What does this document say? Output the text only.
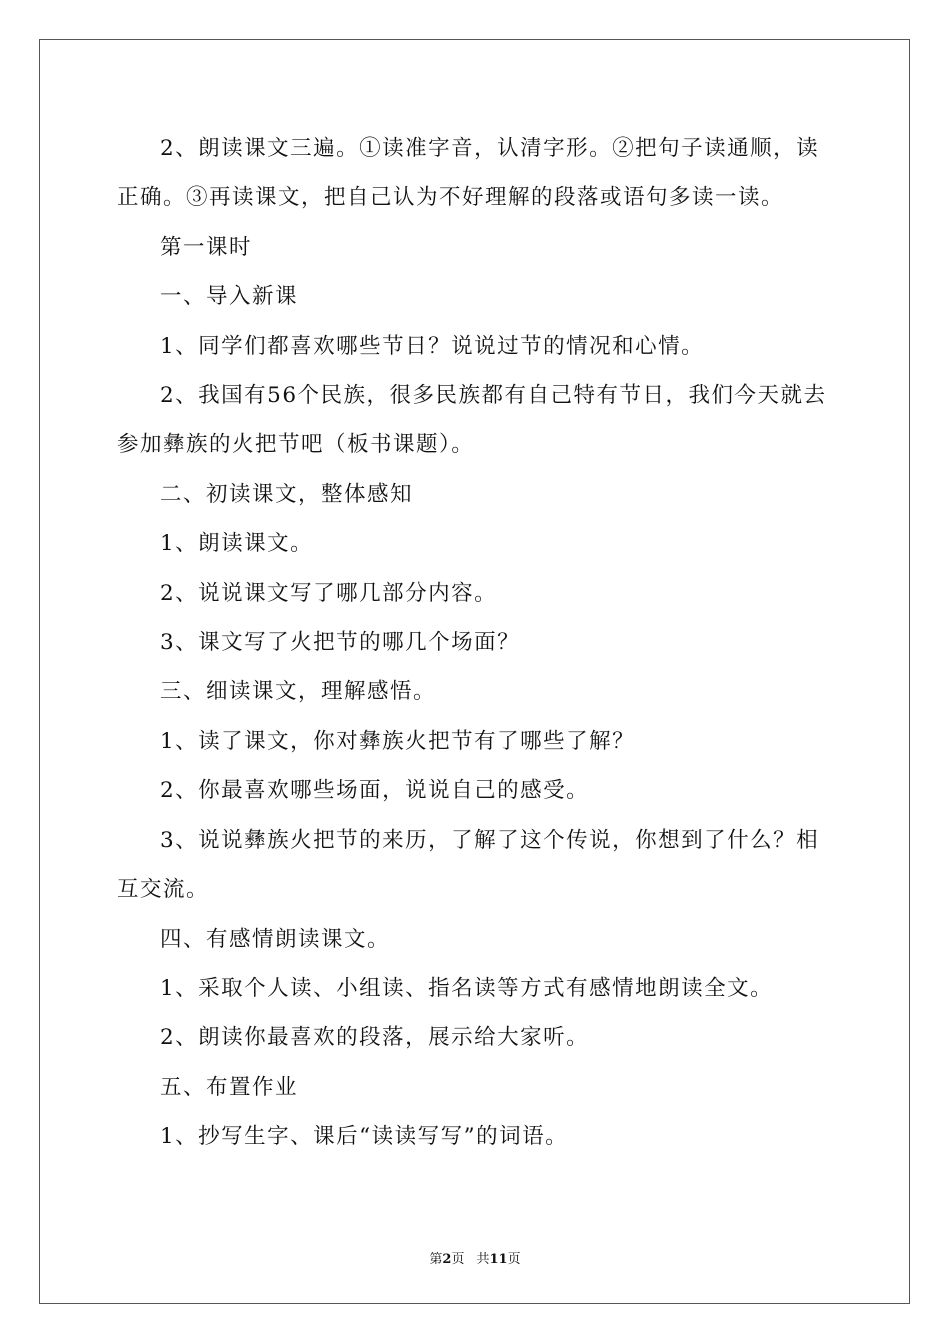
2、朗读课文三遍。①读准字音，认清字形。②把句子读通顺，读正确。③再读课文，把自己认为不好理解的段落或语句多读一读。

第一课时

一、导入新课

1、同学们都喜欢哪些节日？说说过节的情况和心情。

2、我国有56个民族，很多民族都有自己特有节日，我们今天就去参加彝族的火把节吧（板书课题）。

二、初读课文，整体感知

1、朗读课文。

2、说说课文写了哪几部分内容。

3、课文写了火把节的哪几个场面？

三、细读课文，理解感悟。

1、读了课文，你对彝族火把节有了哪些了解？

2、你最喜欢哪些场面，说说自己的感受。

3、说说彝族火把节的来历，了解了这个传说，你想到了什么？相互交流。

四、有感情朗读课文。

1、采取个人读、小组读、指名读等方式有感情地朗读全文。

2、朗读你最喜欢的段落，展示给大家听。

五、布置作业

1、抄写生字、课后“读读写写”的词语。

第2页 共11页
